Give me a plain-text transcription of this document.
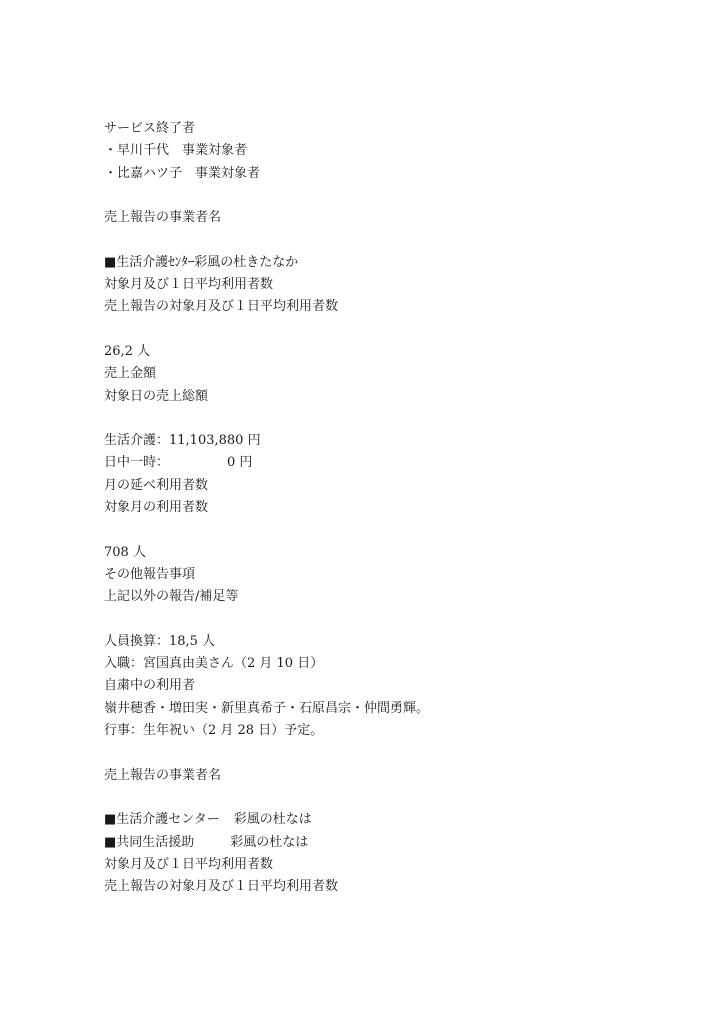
サービス終了者
・早川千代　事業対象者
・比嘉ハツ子　事業対象者
売上報告の事業者名
■生活介護ｾﾝﾀｰ彩風の杜きたなか
対象月及び１日平均利用者数
売上報告の対象月及び１日平均利用者数
26,2 人
売上金額
対象日の売上総額
生活介護：11,103,880 円
日中一時：	0 円
月の延べ利用者数
対象月の利用者数
708 人
その他報告事項
上記以外の報告/補足等
人員換算：18,5 人
入職：宮国真由美さん（2 月 10 日）
自粛中の利用者
嶺井穂香・増田実・新里真希子・石原昌宗・仲間勇輝。
行事：生年祝い（2 月 28 日）予定。
売上報告の事業者名
■生活介護センター 彩風の杜なは
■共同生活援助	彩風の杜なは
対象月及び１日平均利用者数
売上報告の対象月及び１日平均利用者数
